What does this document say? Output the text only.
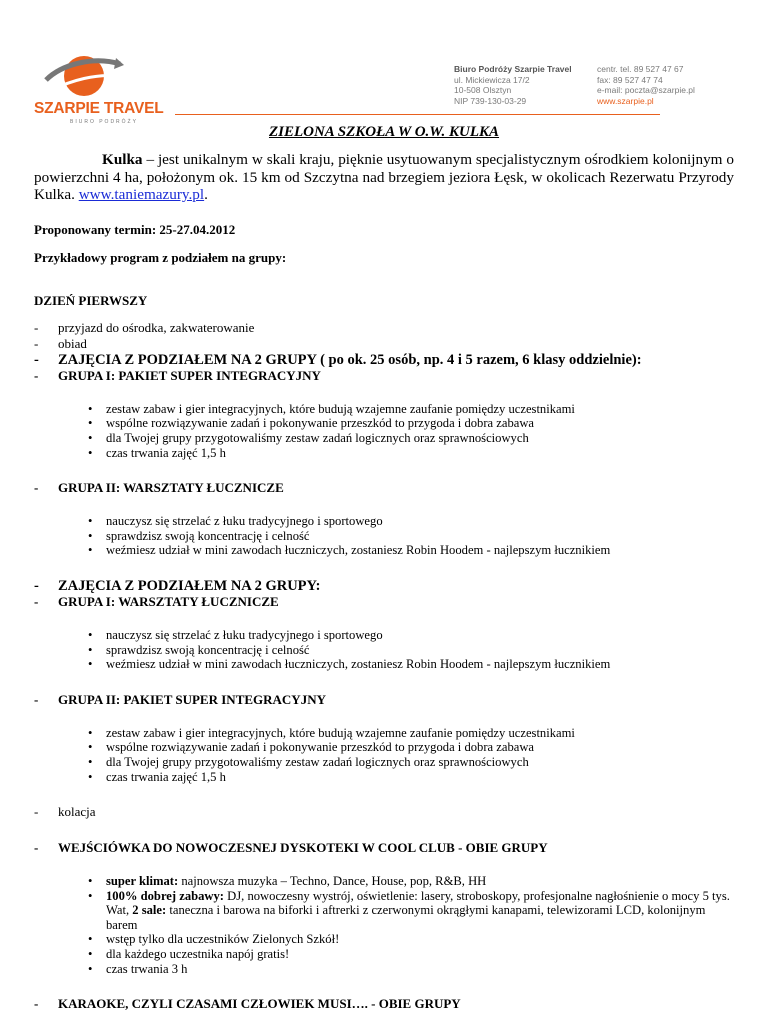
SZARPIE TRAVEL
BIURO PODRÓŻY
Biuro Podróży Szarpie Travel
ul. Mickiewicza 17/2
10-508 Olsztyn
NIP 739-130-03-29
centr. tel. 89 527 47 67
fax: 89 527 47 74
e-mail: poczta@szarpie.pl
www.szarpie.pl

ZIELONA SZKOŁA W O.W. KULKA

Kulka – jest unikalnym w skali kraju, pięknie usytuowanym specjalistycznym ośrodkiem kolonijnym o powierzchni 4 ha, położonym ok. 15 km od Szczytna nad brzegiem jeziora Łęsk, w okolicach Rezerwatu Przyrody Kulka. www.taniemazury.pl.

Proponowany termin: 25-27.04.2012

Przykładowy program z podziałem na grupy:

DZIEŃ PIERWSZY

- przyjazd do ośrodka, zakwaterowanie
- obiad
- ZAJĘCIA Z PODZIAŁEM NA 2 GRUPY ( po ok. 25 osób, np. 4 i 5 razem, 6 klasy oddzielnie):
- GRUPA I: PAKIET SUPER INTEGRACYJNY
• zestaw zabaw i gier integracyjnych, które budują wzajemne zaufanie pomiędzy uczestnikami
• wspólne rozwiązywanie zadań i pokonywanie przeszkód to przygoda i dobra zabawa
• dla Twojej grupy przygotowaliśmy zestaw zadań logicznych oraz sprawnościowych
• czas trwania zajęć 1,5 h
- GRUPA II: WARSZTATY ŁUCZNICZE
• nauczysz się strzelać z łuku tradycyjnego i sportowego
• sprawdzisz swoją koncentrację i celność
• weźmiesz udział w mini zawodach łuczniczych, zostaniesz Robin Hoodem - najlepszym łucznikiem
- ZAJĘCIA Z PODZIAŁEM NA 2 GRUPY:
- GRUPA I: WARSZTATY ŁUCZNICZE
• nauczysz się strzelać z łuku tradycyjnego i sportowego
• sprawdzisz swoją koncentrację i celność
• weźmiesz udział w mini zawodach łuczniczych, zostaniesz Robin Hoodem - najlepszym łucznikiem
- GRUPA II: PAKIET SUPER INTEGRACYJNY
• zestaw zabaw i gier integracyjnych, które budują wzajemne zaufanie pomiędzy uczestnikami
• wspólne rozwiązywanie zadań i pokonywanie przeszkód to przygoda i dobra zabawa
• dla Twojej grupy przygotowaliśmy zestaw zadań logicznych oraz sprawnościowych
• czas trwania zajęć 1,5 h
- kolacja
- WEJŚCIÓWKA DO NOWOCZESNEJ DYSKOTEKI W COOL CLUB - OBIE GRUPY
• super klimat: najnowsza muzyka – Techno, Dance, House, pop, R&B, HH
• 100% dobrej zabawy: DJ, nowoczesny wystrój, oświetlenie: lasery, stroboskopy, profesjonalne nagłośnienie o mocy 5 tys. Wat, 2 sale: taneczna i barowa na biforki i aftrerki z czerwonymi okrągłymi kanapami, telewizorami LCD, kolonijnym barem
• wstęp tylko dla uczestników Zielonych Szkół!
• dla każdego uczestnika napój gratis!
• czas trwania 3 h
- KARAOKE, CZYLI CZASAMI CZŁOWIEK MUSI…. - OBIE GRUPY
